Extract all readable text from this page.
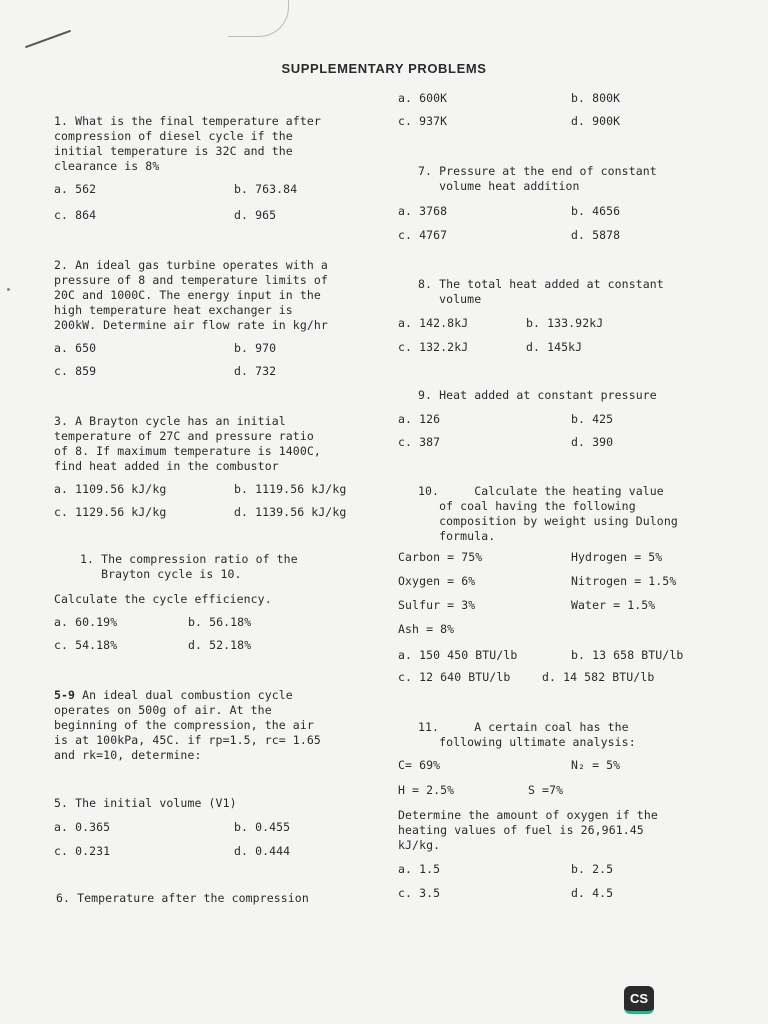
SUPPLEMENTARY PROBLEMS
1. What is the final temperature after
compression of diesel cycle if the
initial temperature is 32C and the
clearance is 8%
a. 562	b. 763.84
c. 864	d. 965
2. An ideal gas turbine operates with a
pressure of 8 and temperature limits of
20C and 1000C. The energy input in the
high temperature heat exchanger is
200kW. Determine air flow rate in kg/hr
a. 650	b. 970
c. 859	d. 732
3. A Brayton cycle has an initial
temperature of 27C and pressure ratio
of 8. If maximum temperature is 1400C,
find heat added in the combustor
a. 1109.56 kJ/kg	b. 1119.56 kJ/kg
c. 1129.56 kJ/kg	d. 1139.56 kJ/kg
1. The compression ratio of the
Brayton cycle is 10.
Calculate the cycle efficiency.
a. 60.19%	b. 56.18%
c. 54.18%	d. 52.18%
5-9 An ideal dual combustion cycle
operates on 500g of air. At the
beginning of the compression, the air
is at 100kPa, 45C. if rp=1.5, rc= 1.65
and rk=10, determine:
5. The initial volume (V1)
a. 0.365	b. 0.455
c. 0.231	d. 0.444
6. Temperature after the compression
a. 600K	b. 800K
c. 937K	d. 900K
7. Pressure at the end of constant
volume heat addition
a. 3768	b. 4656
c. 4767	d. 5878
8. The total heat added at constant
volume
a. 142.8kJ	b. 133.92kJ
c. 132.2kJ	d. 145kJ
9. Heat added at constant pressure
a. 126	b. 425
c. 387	d. 390
10.     Calculate the heating value
of coal having the following
composition by weight using Dulong
formula.
Carbon = 75%	Hydrogen = 5%
Oxygen = 6%	Nitrogen = 1.5%
Sulfur = 3%	Water = 1.5%
Ash = 8%
a. 150 450 BTU/lb	b. 13 658 BTU/lb
c. 12 640 BTU/lb	d. 14 582 BTU/lb
11.     A certain coal has the
following ultimate analysis:
C= 69%	N₂ = 5%
H = 2.5%	S =7%
Determine the amount of oxygen if the
heating values of fuel is 26,961.45
kJ/kg.
a. 1.5	b. 2.5
c. 3.5	d. 4.5
CS
